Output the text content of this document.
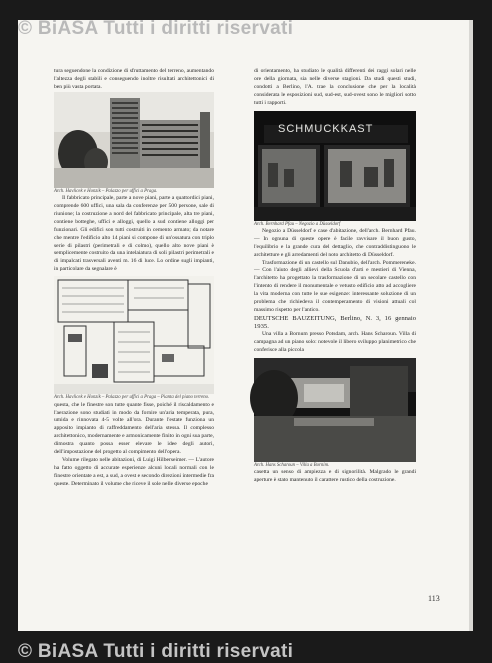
© BiASA Tutti i diritti riservati

tura seguendone la condizione di sfruttamento del terreno, aumentando l'altezza degli stabili e conseguendo inoltre risultati architettonici di ben più vasta portata.

Arch. Havlicek e Honzik – Palazzo per uffici a Praga.

Il fabbricato principale, parte a nove piani, parte a quattordici piani, comprende 600 uffici, una sala da conferenze per 500 persone, sale di riunione; la costruzione a nord del fabbricato principale, alta tre piani, contiene botteghe, uffici e alloggi, quello a sud contiene alloggi per funzionari. Gli edifici son tutti costruiti in cemento armato; da notare che mentre l'edificio alto 14 piani si compone di un'ossatura con triplo serie di pilastri (perimetrali e di colmo), quello alto nove piani è semplicemente costruito da una intelaiatura di soli pilastri perimetrali e di impalcati trasversali aventi m. 16 di luce. Lo ordine sugli impianti, in particolare da segnalare è

Arch. Havlicek e Honzik – Palazzo per uffici a Praga – Pianta del piano terreno.

questa, che le finestre son tutte quante fisse, poiché il riscaldamento e l'aerazione sono studiati in modo da fornire un'aria temperata, pura, umida e rinnovata 4-5 volte all'ora. Durante l'estate funziona un apposito impianto di raffreddamento dell'aria stessa. Il complesso architettonico, modernamente e armonicamente finito in ogni sua parte, dimostra quanto possa esser elevare le idee degli autori, dell'impostazione del progetto al compimento dell'opera.

Volume rilegato nelle abitazioni, di Luigi Hilberseimer. — L'autore ha fatto oggetto di accurate esperienze alcuni locali normali con le finestre orientate a est, a sud, a ovest e secondo direzioni intermedie fra queste. Determinato il volume che riceve il sole nelle diverse epoche

di orientamento, ha studiato le qualità differenti dei raggi solari nelle ore della giornata, sia nelle diverse stagioni. Da studi questi studi, condotti a Berlino, l'A. trae la conclusione che per la località considerata le esposizioni sud, sud-est, sud-ovest sono le migliori sotto tutti i rapporti.

SCHMUCKKAST

Arch. Bernhard Pfau – Negozio a Düsseldorf

Negozio a Düsseldorf e case d'abitazione, dell'arch. Bernhard Pfau. — In ognuna di queste opere è facile ravvisare il buon gusto, l'equilibrio e la grande cura del dettaglio, che contraddistinguono le architetture e gli arredamenti del noto architetto di Düsseldorf.

Trasformazione di un castello sul Danubio, dell'arch. Pommereneke. — Con l'aiuto degli allievi della Scuola d'arti e mestieri di Vienna, l'architetto ha progettato la trasformazione di un secolare castello con l'intento di rendere il monumentale e vetusto edificio atto ad accogliere la vita moderna con tutte le sue esigenze: interessante soluzione di un problema che richiedeva il contemperamento di visioni attuali col massimo rispetto per l'antico.

DEUTSCHE BAUZEITUNG, Berlino, N. 3, 16 gennaio 1935.

Una villa a Bornum presso Potsdam, arch. Hans Scharoun. Villa di campagna ad un piano solo: notevole il libero sviluppo planimetrico che conferisce alla piccola

Arch. Hans Scharoun – Villa a Bornim.

casetta un senso di ampiezza e di signorilità. Malgrado le grandi aperture è stato mantenuto il carattere rustico della costruzione.

113
© BiASA Tutti i diritti riservati
